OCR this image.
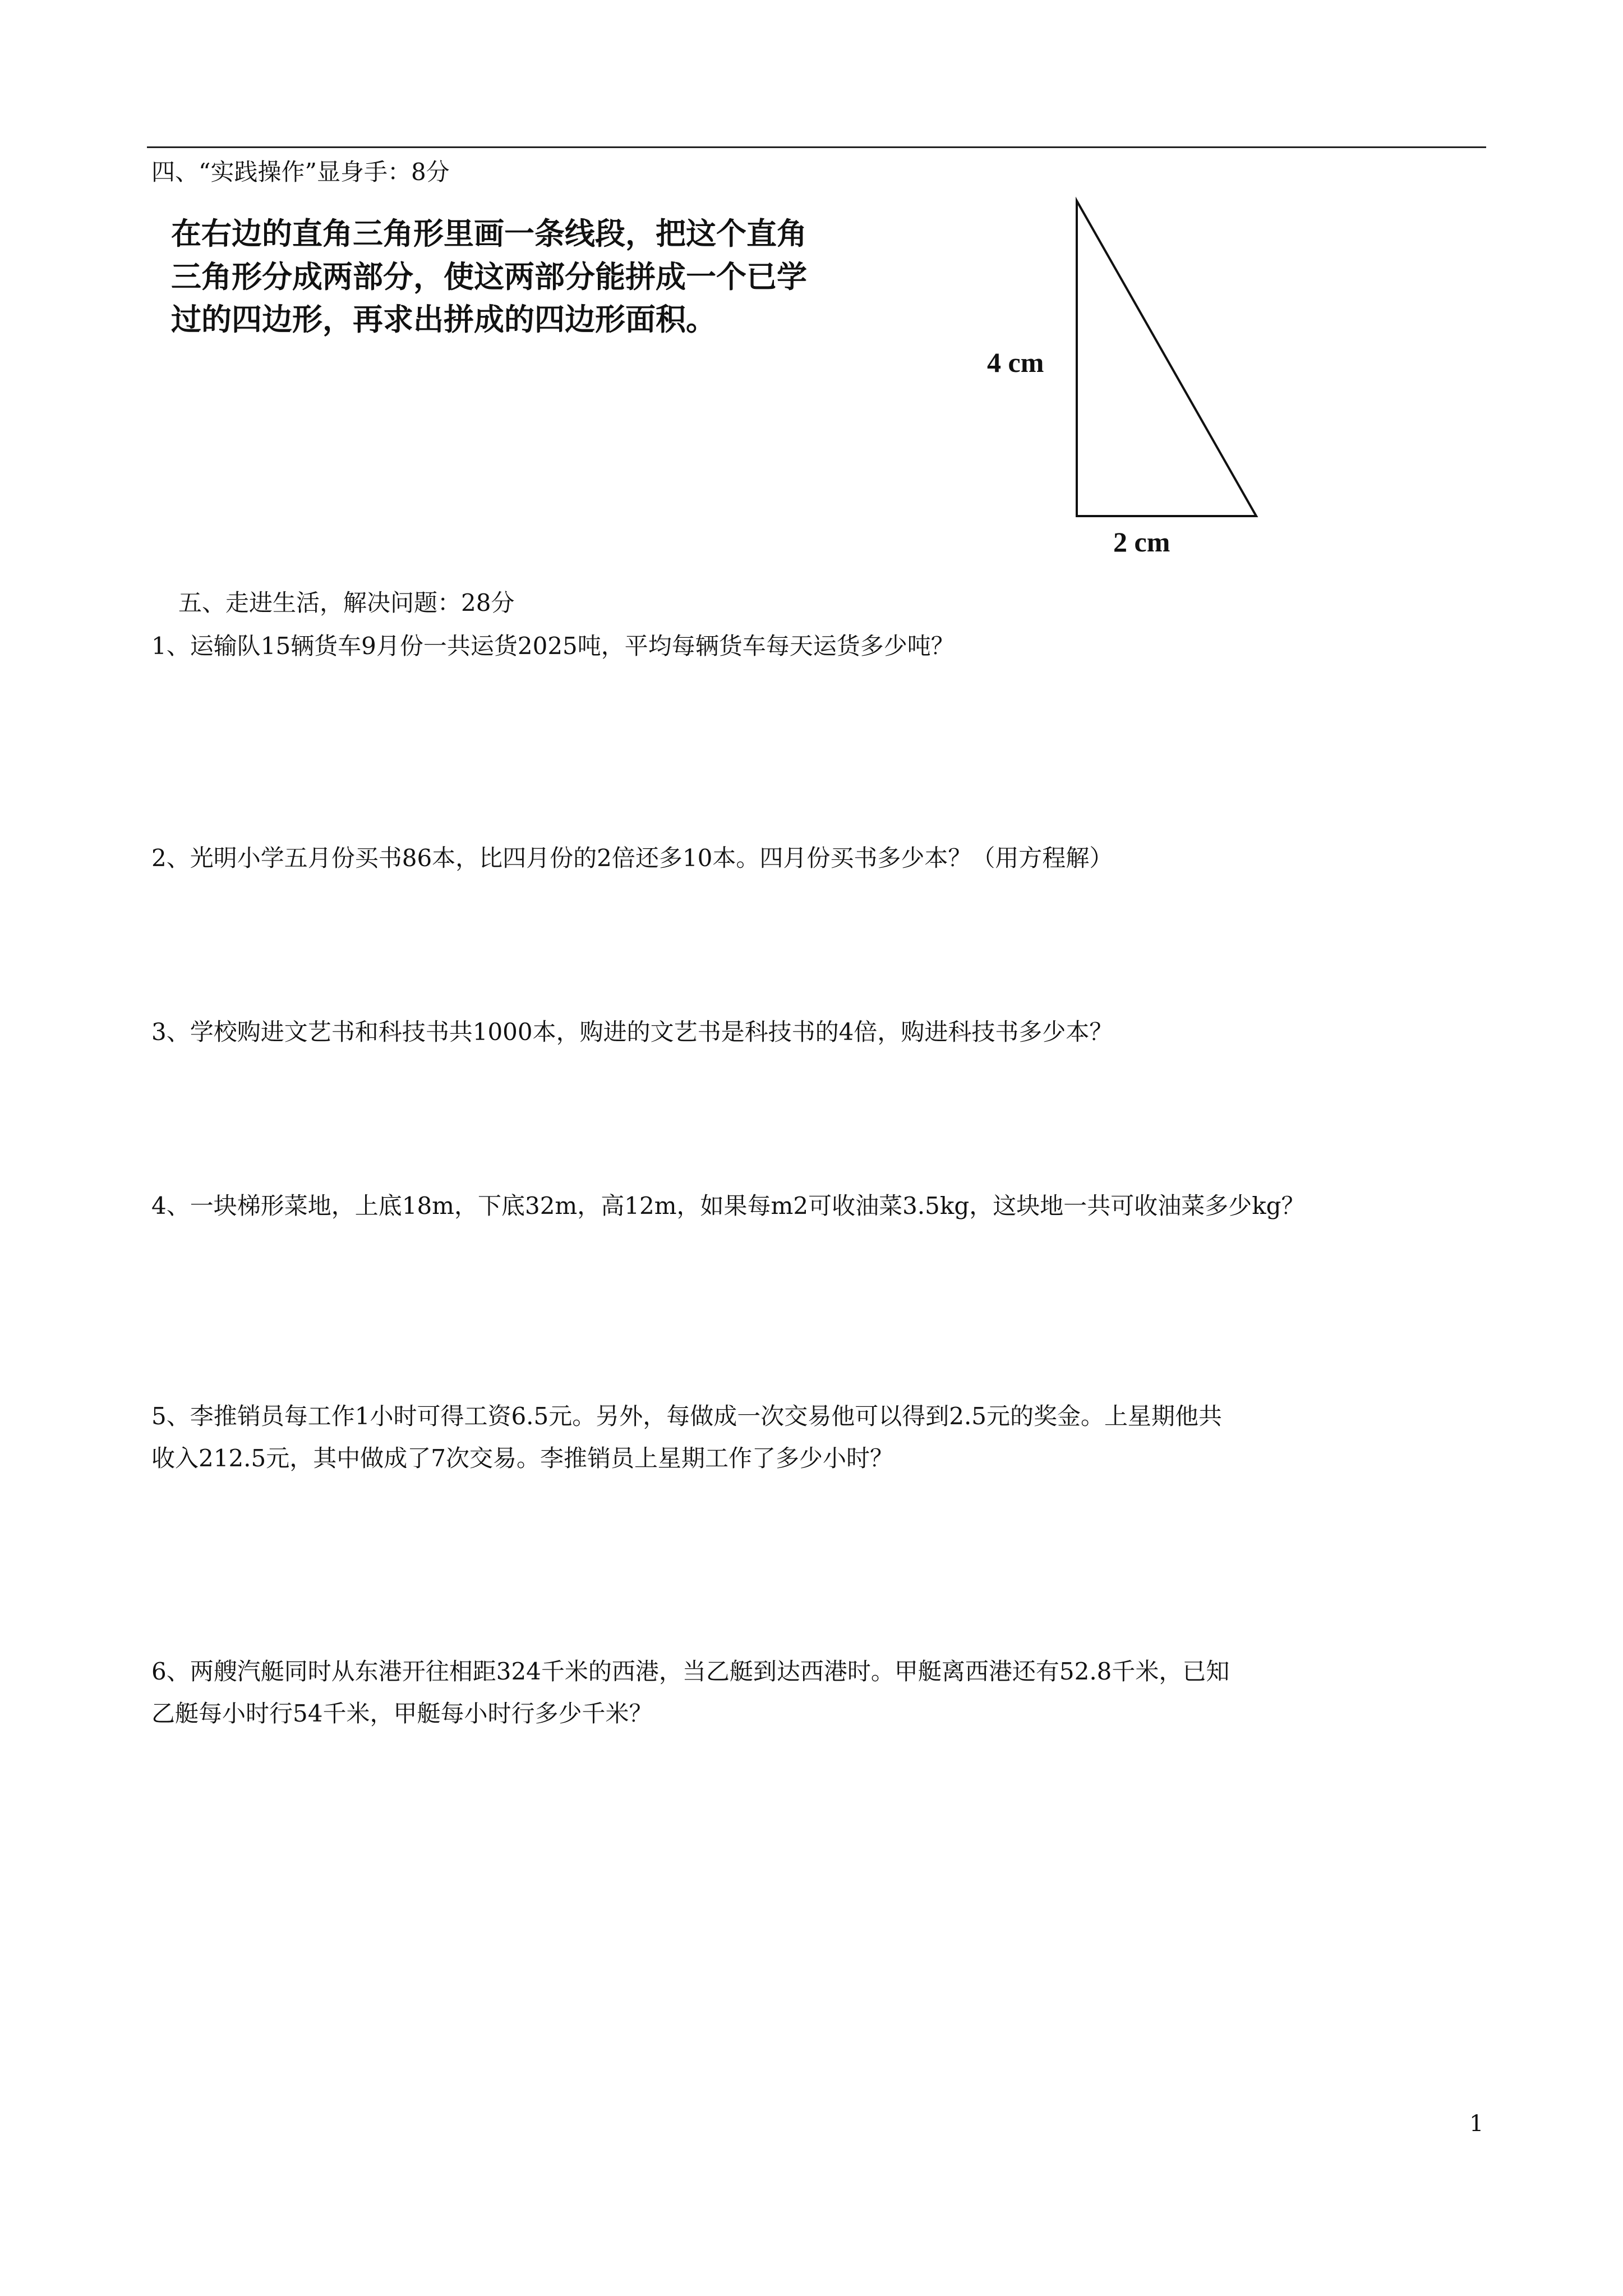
四、“实践操作”显身手：8分
在右边的直角三角形里画一条线段，把这个直角
三角形分成两部分，使这两部分能拼成一个已学
过的四边形，再求出拼成的四边形面积。
4 cm
2 cm
五、走进生活，解决问题：28分
1、运输队15辆货车9月份一共运货2025吨，平均每辆货车每天运货多少吨？
2、光明小学五月份买书86本，比四月份的2倍还多10本。四月份买书多少本？（用方程解）
3、学校购进文艺书和科技书共1000本，购进的文艺书是科技书的4倍，购进科技书多少本？
4、一块梯形菜地，上底18m，下底32m，高12m，如果每m2可收油菜3.5kg，这块地一共可收油菜多少kg？
5、李推销员每工作1小时可得工资6.5元。另外，每做成一次交易他可以得到2.5元的奖金。上星期他共
收入212.5元，其中做成了7次交易。李推销员上星期工作了多少小时？
6、两艘汽艇同时从东港开往相距324千米的西港，当乙艇到达西港时。甲艇离西港还有52.8千米，已知
乙艇每小时行54千米，甲艇每小时行多少千米？
1
